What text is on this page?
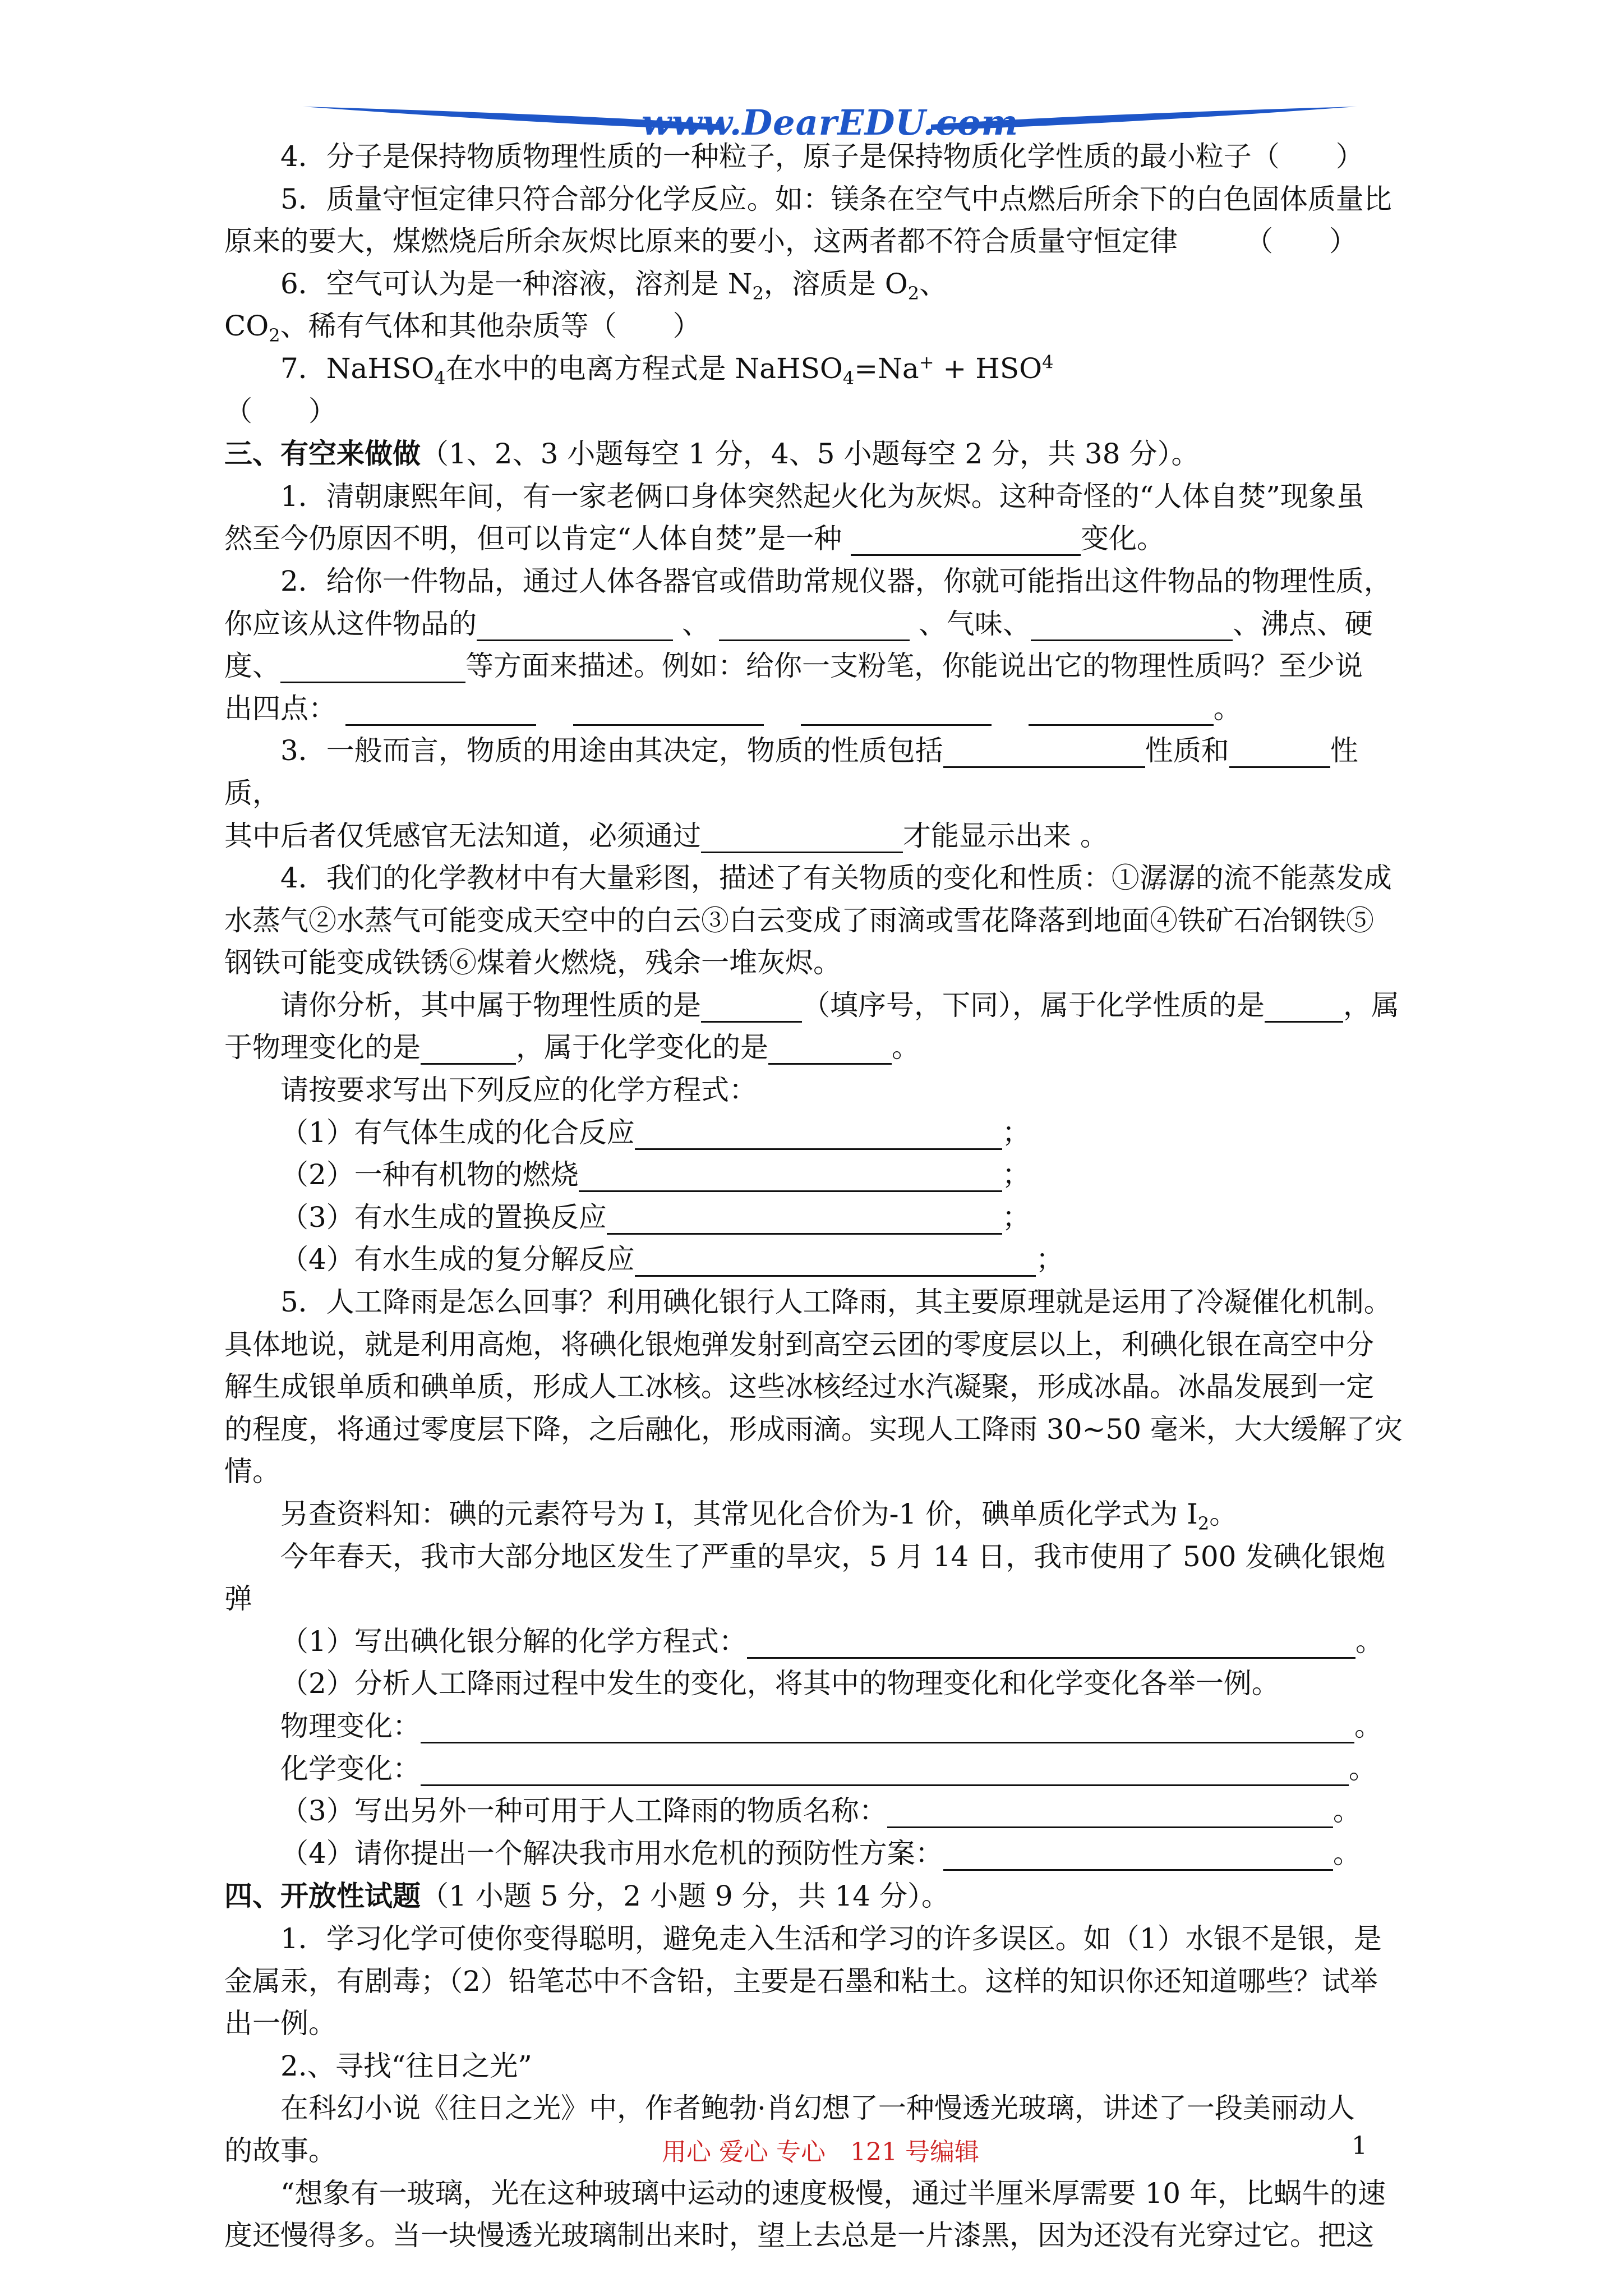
www.DearEDU.com

4．分子是保持物质物理性质的一种粒子，原子是保持物质化学性质的最小粒子（　　）

5．质量守恒定律只符合部分化学反应。如：镁条在空气中点燃后所余下的白色固体质量比

原来的要大，煤燃烧后所余灰烬比原来的要小，这两者都不符合质量守恒定律 （　　）

6．空气可认为是一种溶液，溶剂是 $N_2$，溶质是 $O_2$、$CO_2$、稀有气体和其他杂质等（　　）

7．NaHSO$_4$在水中的电离方程式是 NaHSO$_4$=Na+ + $HSO^4$（　　）

三、有空来做做（1、2、3 小题每空 1 分，4、5 小题每空 2 分，共 38 分）。

1．清朝康熙年间，有一家老俩口身体突然起火化为灰烬。这种奇怪的“人体自焚”现象虽

然至今仍原因不明，但可以肯定“人体自焚”是一种	变化。

2．给你一件物品，通过人体各器官或借助常规仪器，你就可能指出这件物品的物理性质，

你应该从这件物品的	、	、气味、	、沸点、硬

度、	等方面来描述。例如：给你一支粉笔，你能说出它的物理性质吗？至少说

出四点： 　 　 　	。

3．一般而言，物质的用途由其决定，物质的性质包括	性质和	性质，

其中后者仅凭感官无法知道，必须通过	才能显示出来 。

4．我们的化学教材中有大量彩图，描述了有关物质的变化和性质：①潺潺的流不能蒸发成

水蒸气②水蒸气可能变成天空中的白云③白云变成了雨滴或雪花降落到地面④铁矿石冶钢铁⑤

钢铁可能变成铁锈⑥煤着火燃烧，残余一堆灰烬。

请你分析，其中属于物理性质的是	（填序号，下同），属于化学性质的是	，属

于物理变化的是	，属于化学变化的是	。

请按要求写出下列反应的化学方程式：

（1）有气体生成的化合反应	；

（2）一种有机物的燃烧	；

（3）有水生成的置换反应	；

（4）有水生成的复分解反应	；

5．人工降雨是怎么回事？利用碘化银行人工降雨，其主要原理就是运用了冷凝催化机制。

具体地说，就是利用高炮，将碘化银炮弹发射到高空云团的零度层以上，利碘化银在高空中分

解生成银单质和碘单质，形成人工冰核。这些冰核经过水汽凝聚，形成冰晶。冰晶发展到一定

的程度，将通过零度层下降，之后融化，形成雨滴。实现人工降雨 30~50 毫米，大大缓解了灾

情。

另查资料知：碘的元素符号为 I，其常见化合价为-1 价，碘单质化学式为 $I_2$。

今年春天，我市大部分地区发生了严重的旱灾，5 月 14 日，我市使用了 500 发碘化银炮弹

（1）写出碘化银分解的化学方程式：	。

（2）分析人工降雨过程中发生的变化，将其中的物理变化和化学变化各举一例。

物理变化：	。

化学变化：	。

（3）写出另外一种可用于人工降雨的物质名称：	。

（4）请你提出一个解决我市用水危机的预防性方案：	。

四、开放性试题（1 小题 5 分，2 小题 9 分，共 14 分）。

1．学习化学可使你变得聪明，避免走入生活和学习的许多误区。如（1）水银不是银，是

金属汞，有剧毒；（2）铅笔芯中不含铅，主要是石墨和粘土。这样的知识你还知道哪些？试举

出一例。

2.、寻找“往日之光”

在科幻小说《往日之光》中，作者鲍勃·肖幻想了一种慢透光玻璃，讲述了一段美丽动人

的故事。

“想象有一玻璃，光在这种玻璃中运动的速度极慢，通过半厘米厚需要 10 年，比蜗牛的速

度还慢得多。当一块慢透光玻璃制出来时，望上去总是一片漆黑，因为还没有光穿过它。把这

用心 爱心 专心　121 号编辑	1
